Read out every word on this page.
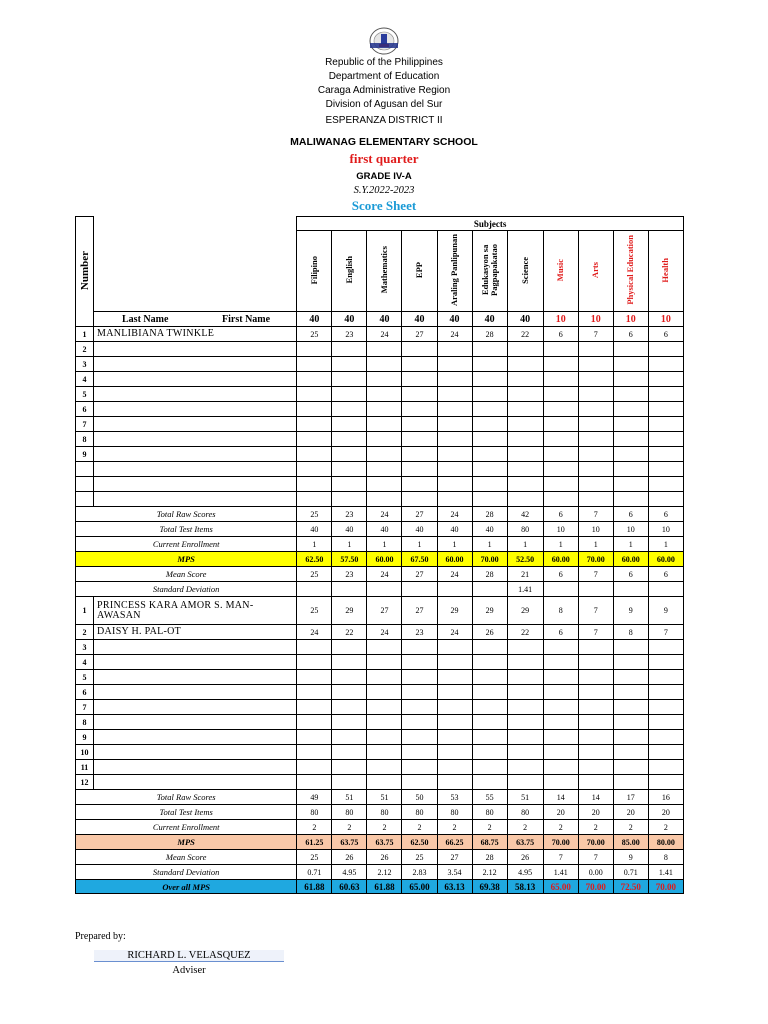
Republic of the Philippines
Department of Education
Caraga Administrative Region
Division of Agusan del Sur
ESPERANZA DISTRICT II
MALIWANAG ELEMENTARY SCHOOL
first quarter
GRADE IV-A
S.Y.2022-2023
Score Sheet
Number		Subjects										
		Filipino	English	Mathematics	EPP	Araling Panlipunan	Edukasyon sa Pagpapakatao	Science	Music	Arts	Physical Education	Health
	Last Name First Name	40	40	40	40	40	40	40	10	10	10	10
1	MANLIBIANA TWINKLE	25	23	24	27	24	28	22	6	7	6	6
2												
3												
4												
5												
6												
7												
8												
9												

Total Raw Scores		25	23	24	27	24	28	42	6	7	6	6
Total Test Items		40	40	40	40	40	40	80	10	10	10	10
Current Enrollment		1	1	1	1	1	1	1	1	1	1	1
MPS		62.50	57.50	60.00	67.50	60.00	70.00	52.50	60.00	70.00	60.00	60.00
Mean Score		25	23	24	27	24	28	21	6	7	6	6
Standard Deviation								1.41				
1	PRINCESS KARA AMOR S. MAN-AWASAN	25	29	27	27	29	29	29	8	7	9	9
2	DAISY H. PAL-OT	24	22	24	23	24	26	22	6	7	8	7
3												
4												
5												
6												
7												
8												
9												
10												
11												
12												
Total Raw Scores		49	51	51	50	53	55	51	14	14	17	16
Total Test Items		80	80	80	80	80	80	80	20	20	20	20
Current Enrollment		2	2	2	2	2	2	2	2	2	2	2
MPS		61.25	63.75	63.75	62.50	66.25	68.75	63.75	70.00	70.00	85.00	80.00
Mean Score		25	26	26	25	27	28	26	7	7	9	8
Standard Deviation		0.71	4.95	2.12	2.83	3.54	2.12	4.95	1.41	0.00	0.71	1.41
Over all MPS		61.88	60.63	61.88	65.00	63.13	69.38	58.13	65.00	70.00	72.50	70.00
Prepared by:
RICHARD L. VELASQUEZ
Adviser
